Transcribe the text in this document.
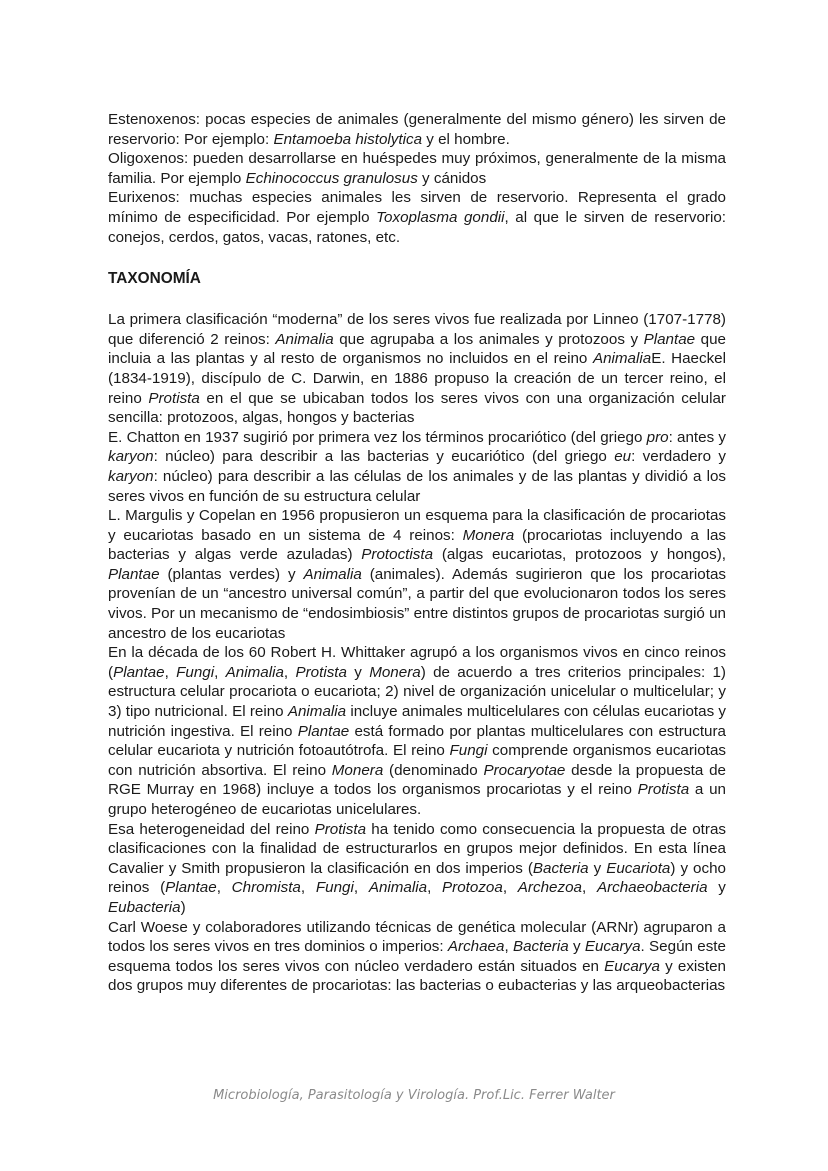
Estenoxenos: pocas especies de animales (generalmente del mismo género) les sirven de reservorio: Por ejemplo: Entamoeba histolytica y el hombre.

Oligoxenos: pueden desarrollarse en huéspedes muy próximos, generalmente de la misma familia. Por ejemplo Echinococcus granulosus y cánidos

Eurixenos: muchas especies animales les sirven de reservorio. Representa el grado mínimo de especificidad. Por ejemplo Toxoplasma gondii, al que le sirven de reservorio: conejos, cerdos, gatos, vacas, ratones, etc.

TAXONOMÍA

La primera clasificación “moderna” de los seres vivos fue realizada por Linneo (1707-1778) que diferenció 2 reinos: Animalia que agrupaba a los animales y protozoos y Plantae que incluia a las plantas y al resto de organismos no incluidos en el reino AnimaliaE. Haeckel (1834-1919), discípulo de C. Darwin, en 1886 propuso la creación de un tercer reino, el reino Protista en el que se ubicaban todos los seres vivos con una organización celular sencilla: protozoos, algas, hongos y bacterias

E. Chatton en 1937 sugirió por primera vez los términos procariótico (del griego pro: antes y karyon: núcleo) para describir a las bacterias y eucariótico (del griego eu: verdadero y karyon: núcleo) para describir a las células de los animales y de las plantas y dividió a los seres vivos en función de su estructura celular

L. Margulis y Copelan en 1956 propusieron un esquema para la clasificación de procariotas y eucariotas basado en un sistema de 4 reinos: Monera (procariotas incluyendo a las bacterias y algas verde azuladas) Protoctista (algas eucariotas, protozoos y hongos), Plantae (plantas verdes) y Animalia (animales). Además sugirieron que los procariotas provenían de un “ancestro universal común”, a partir del que evolucionaron todos los seres vivos. Por un mecanismo de “endosimbiosis” entre distintos grupos de procariotas surgió un ancestro de los eucariotas

En la década de los 60 Robert H. Whittaker agrupó a los organismos vivos en cinco reinos (Plantae, Fungi, Animalia, Protista y Monera) de acuerdo a tres criterios principales: 1) estructura celular procariota o eucariota; 2) nivel de organización unicelular o multicelular; y 3) tipo nutricional. El reino Animalia incluye animales multicelulares con células eucariotas y nutrición ingestiva. El reino Plantae está formado por plantas multicelulares con estructura celular eucariota y nutrición fotoautótrofa. El reino Fungi comprende organismos eucariotas con nutrición absortiva. El reino Monera (denominado Procaryotae desde la propuesta de RGE Murray en 1968) incluye a todos los organismos procariotas y el reino Protista a un grupo heterogéneo de eucariotas unicelulares.

Esa heterogeneidad del reino Protista ha tenido como consecuencia la propuesta de otras clasificaciones con la finalidad de estructurarlos en grupos mejor definidos. En esta línea Cavalier y Smith propusieron la clasificación en dos imperios (Bacteria y Eucariota) y ocho reinos (Plantae, Chromista, Fungi, Animalia, Protozoa, Archezoa, Archaeobacteria y Eubacteria)

Carl Woese y colaboradores utilizando técnicas de genética molecular (ARNr) agruparon a todos los seres vivos en tres dominios o imperios: Archaea, Bacteria y Eucarya. Según este esquema todos los seres vivos con núcleo verdadero están situados en Eucarya y existen dos grupos muy diferentes de procariotas: las bacterias o eubacterias y las arqueobacterias

Microbiología, Parasitología y Virología. Prof.Lic. Ferrer Walter
